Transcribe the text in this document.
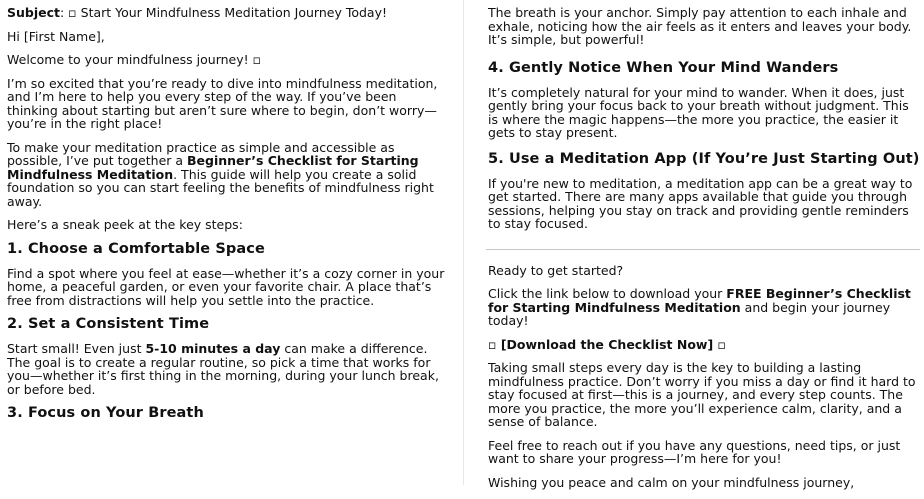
Subject: ▫ Start Your Mindfulness Meditation Journey Today!

Hi [First Name],

Welcome to your mindfulness journey! ▫

I’m so excited that you’re ready to dive into mindfulness meditation, and I’m here to help you every step of the way. If you’ve been thinking about starting but aren’t sure where to begin, don’t worry—you’re in the right place!

To make your meditation practice as simple and accessible as possible, I’ve put together a Beginner’s Checklist for Starting Mindfulness Meditation. This guide will help you create a solid foundation so you can start feeling the benefits of mindfulness right away.

Here’s a sneak peek at the key steps:

1. Choose a Comfortable Space

Find a spot where you feel at ease—whether it’s a cozy corner in your home, a peaceful garden, or even your favorite chair. A place that’s free from distractions will help you settle into the practice.

2. Set a Consistent Time

Start small! Even just 5-10 minutes a day can make a difference. The goal is to create a regular routine, so pick a time that works for you—whether it’s first thing in the morning, during your lunch break, or before bed.

3. Focus on Your Breath

The breath is your anchor. Simply pay attention to each inhale and exhale, noticing how the air feels as it enters and leaves your body. It’s simple, but powerful!

4. Gently Notice When Your Mind Wanders

It’s completely natural for your mind to wander. When it does, just gently bring your focus back to your breath without judgment. This is where the magic happens—the more you practice, the easier it gets to stay present.

5. Use a Meditation App (If You’re Just Starting Out)

If you're new to meditation, a meditation app can be a great way to get started. There are many apps available that guide you through sessions, helping you stay on track and providing gentle reminders to stay focused.

Ready to get started?

Click the link below to download your FREE Beginner’s Checklist for Starting Mindfulness Meditation and begin your journey today!

▫ [Download the Checklist Now] ▫

Taking small steps every day is the key to building a lasting mindfulness practice. Don’t worry if you miss a day or find it hard to stay focused at first—this is a journey, and every step counts. The more you practice, the more you’ll experience calm, clarity, and a sense of balance.

Feel free to reach out if you have any questions, need tips, or just want to share your progress—I’m here for you!

Wishing you peace and calm on your mindfulness journey,
